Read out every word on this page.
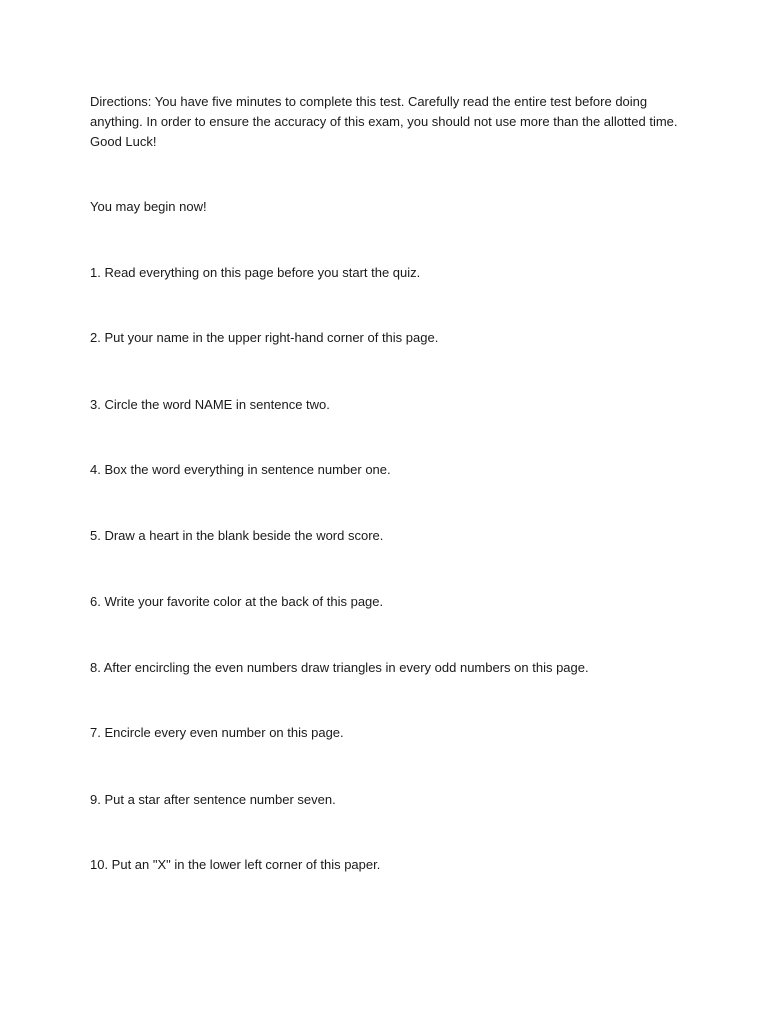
Directions: You have five minutes to complete this test. Carefully read the entire test before doing anything. In order to ensure the accuracy of this exam, you should not use more than the allotted time. Good Luck!

You may begin now!

1. Read everything on this page before you start the quiz.

2. Put your name in the upper right-hand corner of this page.

3. Circle the word NAME in sentence two.

4. Box the word everything in sentence number one.

5. Draw a heart in the blank beside the word score.

6. Write your favorite color at the back of this page.

8. After encircling the even numbers draw triangles in every odd numbers on this page.

7. Encircle every even number on this page.

9. Put a star after sentence number seven.

10. Put an "X" in the lower left corner of this paper.
